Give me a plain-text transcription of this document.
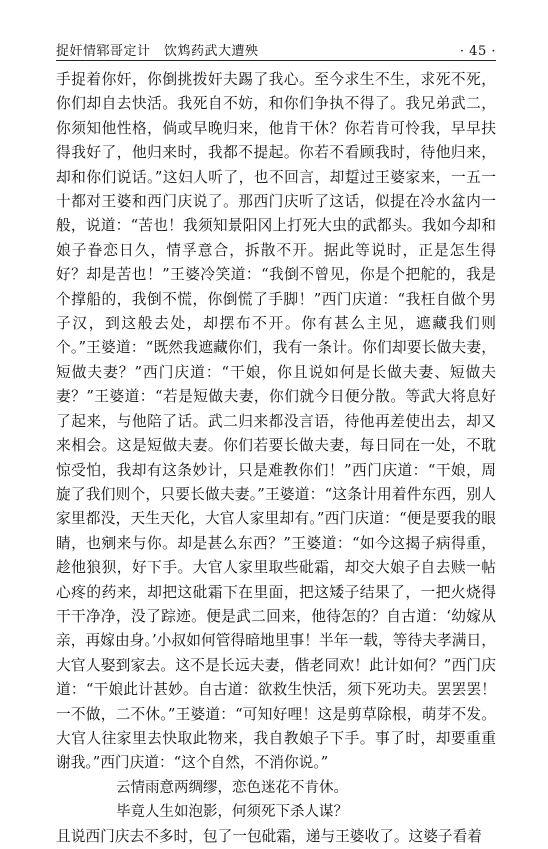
捉奸情郓哥定计　饮鸩药武大遭殃	· 45 ·

手捉着你奸，你倒挑拨奸夫踢了我心。至今求生不生，求死不死，你们却自去快活。我死自不妨，和你们争执不得了。我兄弟武二，你须知他性格，倘或早晚归来，他肯干休？你若肯可怜我，早早扶得我好了，他归来时，我都不提起。你若不看顾我时，待他归来，却和你们说话。”这妇人听了，也不回言，却踅过王婆家来，一五一十都对王婆和西门庆说了。那西门庆听了这话，似提在冷水盆内一般，说道：“苦也！我须知景阳冈上打死大虫的武都头。我如今却和娘子眷恋日久，情孚意合，拆散不开。据此等说时，正是怎生得好？却是苦也！”王婆冷笑道：“我倒不曾见，你是个把舵的，我是个撑船的，我倒不慌，你倒慌了手脚！”西门庆道：“我枉自做个男子汉，到这般去处，却摆布不开。你有甚么主见，遮藏我们则个。”王婆道：“既然我遮藏你们，我有一条计。你们却要长做夫妻，短做夫妻？”西门庆道：“干娘，你且说如何是长做夫妻、短做夫妻？”王婆道：“若是短做夫妻，你们就今日便分散。等武大将息好了起来，与他陪了话。武二归来都没言语，待他再差使出去，却又来相会。这是短做夫妻。你们若要长做夫妻，每日同在一处，不耽惊受怕，我却有这条妙计，只是难教你们！”西门庆道：“干娘，周旋了我们则个，只要长做夫妻。”王婆道：“这条计用着件东西，别人家里都没，天生天化，大官人家里却有。”西门庆道：“便是要我的眼睛，也剜来与你。却是甚么东西？”王婆道：“如今这揭子病得重，趁他狼狈，好下手。大官人家里取些砒霜，却交大娘子自去赎一帖心疼的药来，却把这砒霜下在里面，把这矮子结果了，一把火烧得干干净净，没了踪迹。便是武二回来，他待怎的？自古道：‘幼嫁从亲，再嫁由身。’小叔如何管得暗地里事！半年一载，等待夫孝满日，大官人娶到家去。这不是长远夫妻，偕老同欢！此计如何？”西门庆道：“干娘此计甚妙。自古道：欲救生快活，须下死功夫。罢罢罢！一不做，二不休。”王婆道：“可知好哩！这是剪草除根，萌芽不发。大官人往家里去快取此物来，我自教娘子下手。事了时，却要重重谢我。”西门庆道：“这个自然，不消你说。”

云情雨意两绸缪，恋色迷花不肯休。

毕竟人生如泡影，何须死下杀人谋？

且说西门庆去不多时，包了一包砒霜，递与王婆收了。这婆子看着
